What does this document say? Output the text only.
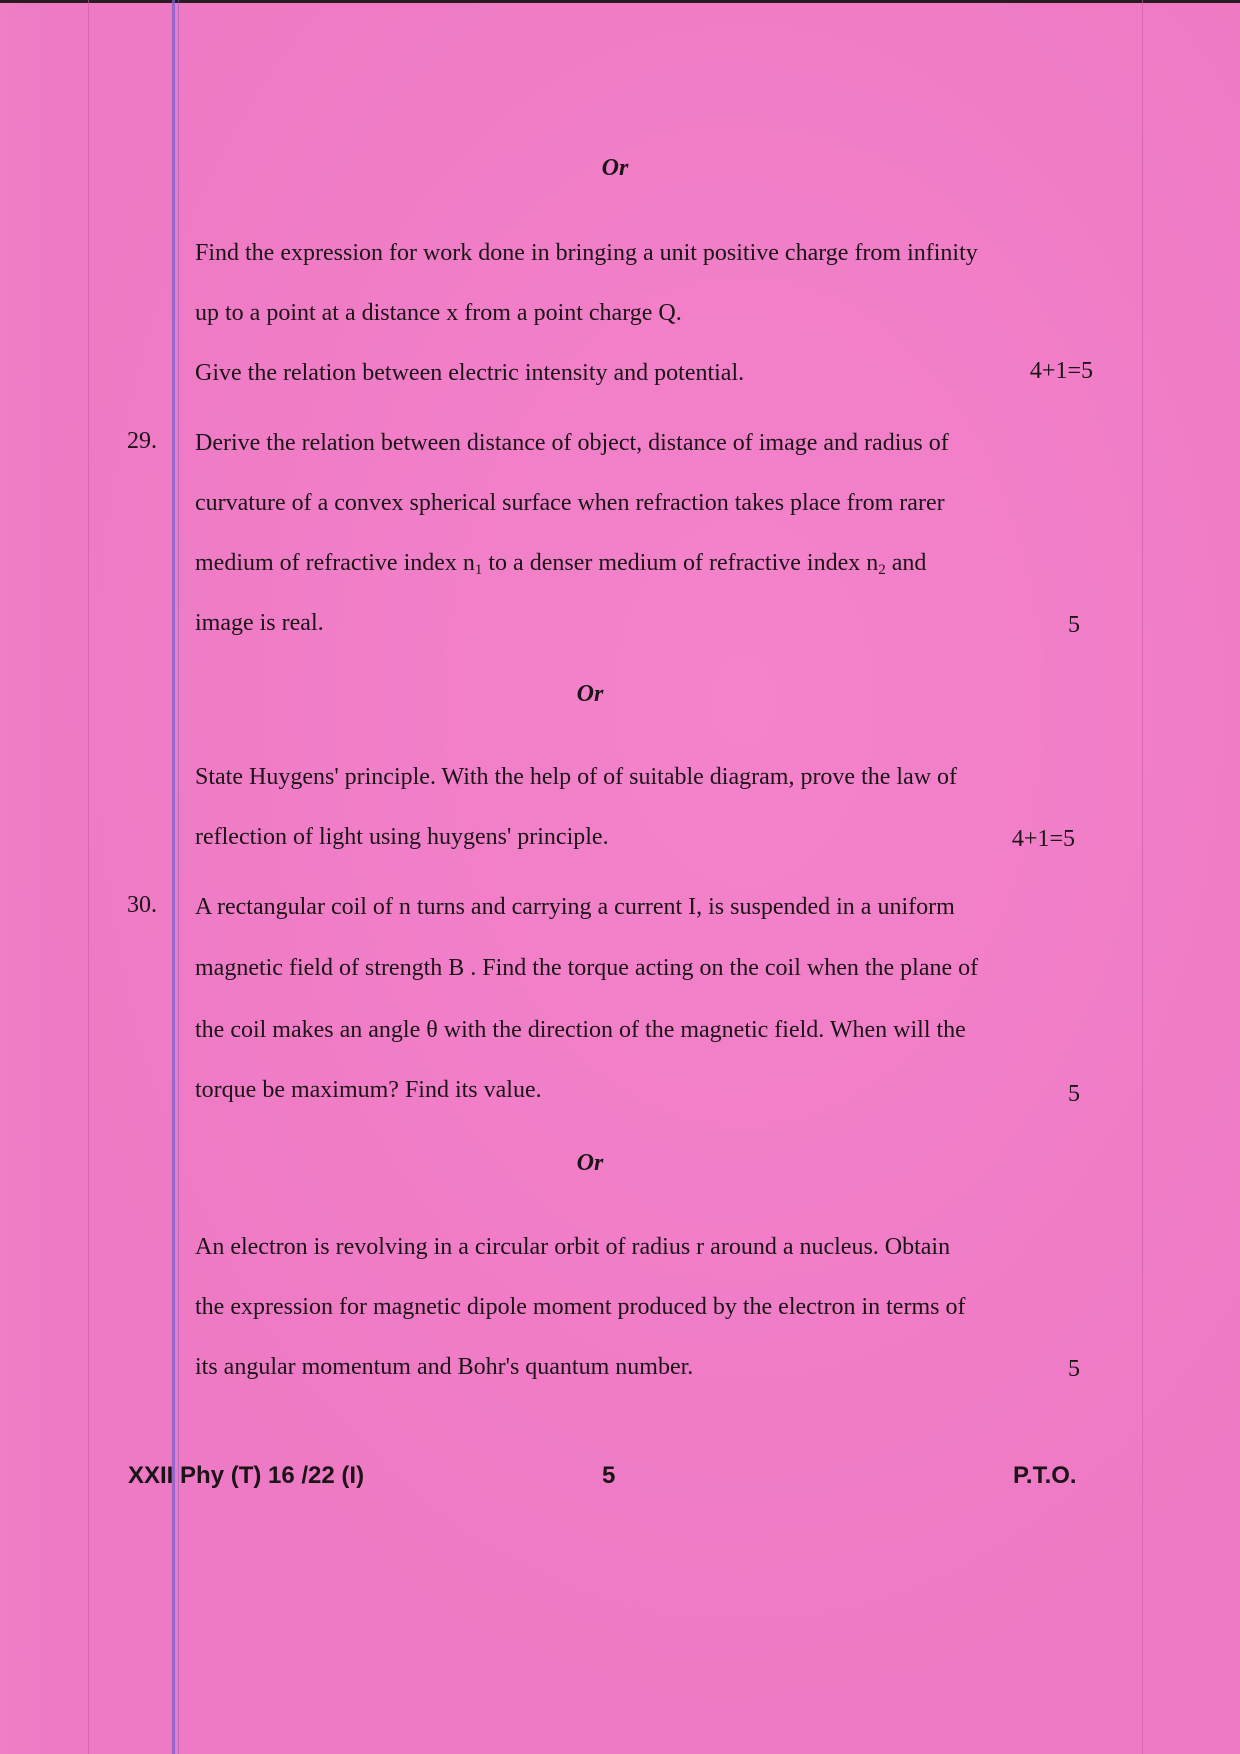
Or
Find the expression for work done in bringing a unit positive charge from infinity
up to a point at a distance x from a point charge Q.
Give the relation between electric intensity and potential.	4+1=5
29. Derive the relation between distance of object, distance of image and radius of
curvature of a convex spherical surface when refraction takes place from rarer
medium of refractive index $n_1$ to a denser medium of refractive index $n_2$ and
image is real.	5
Or
State Huygens' principle. With the help of of suitable diagram, prove the law of
reflection of light using huygens' principle.	4+1=5
30. A rectangular coil of n turns and carrying a current I, is suspended in a uniform
magnetic field of strength B . Find the torque acting on the coil when the plane of
the coil makes an angle θ with the direction of the magnetic field. When will the
torque be maximum? Find its value.	5
Or
An electron is revolving in a circular orbit of radius r around a nucleus. Obtain
the expression for magnetic dipole moment produced by the electron in terms of
its angular momentum and Bohr's quantum number.	5
XXII Phy (T) 16 /22 (I)	5	P.T.O.
